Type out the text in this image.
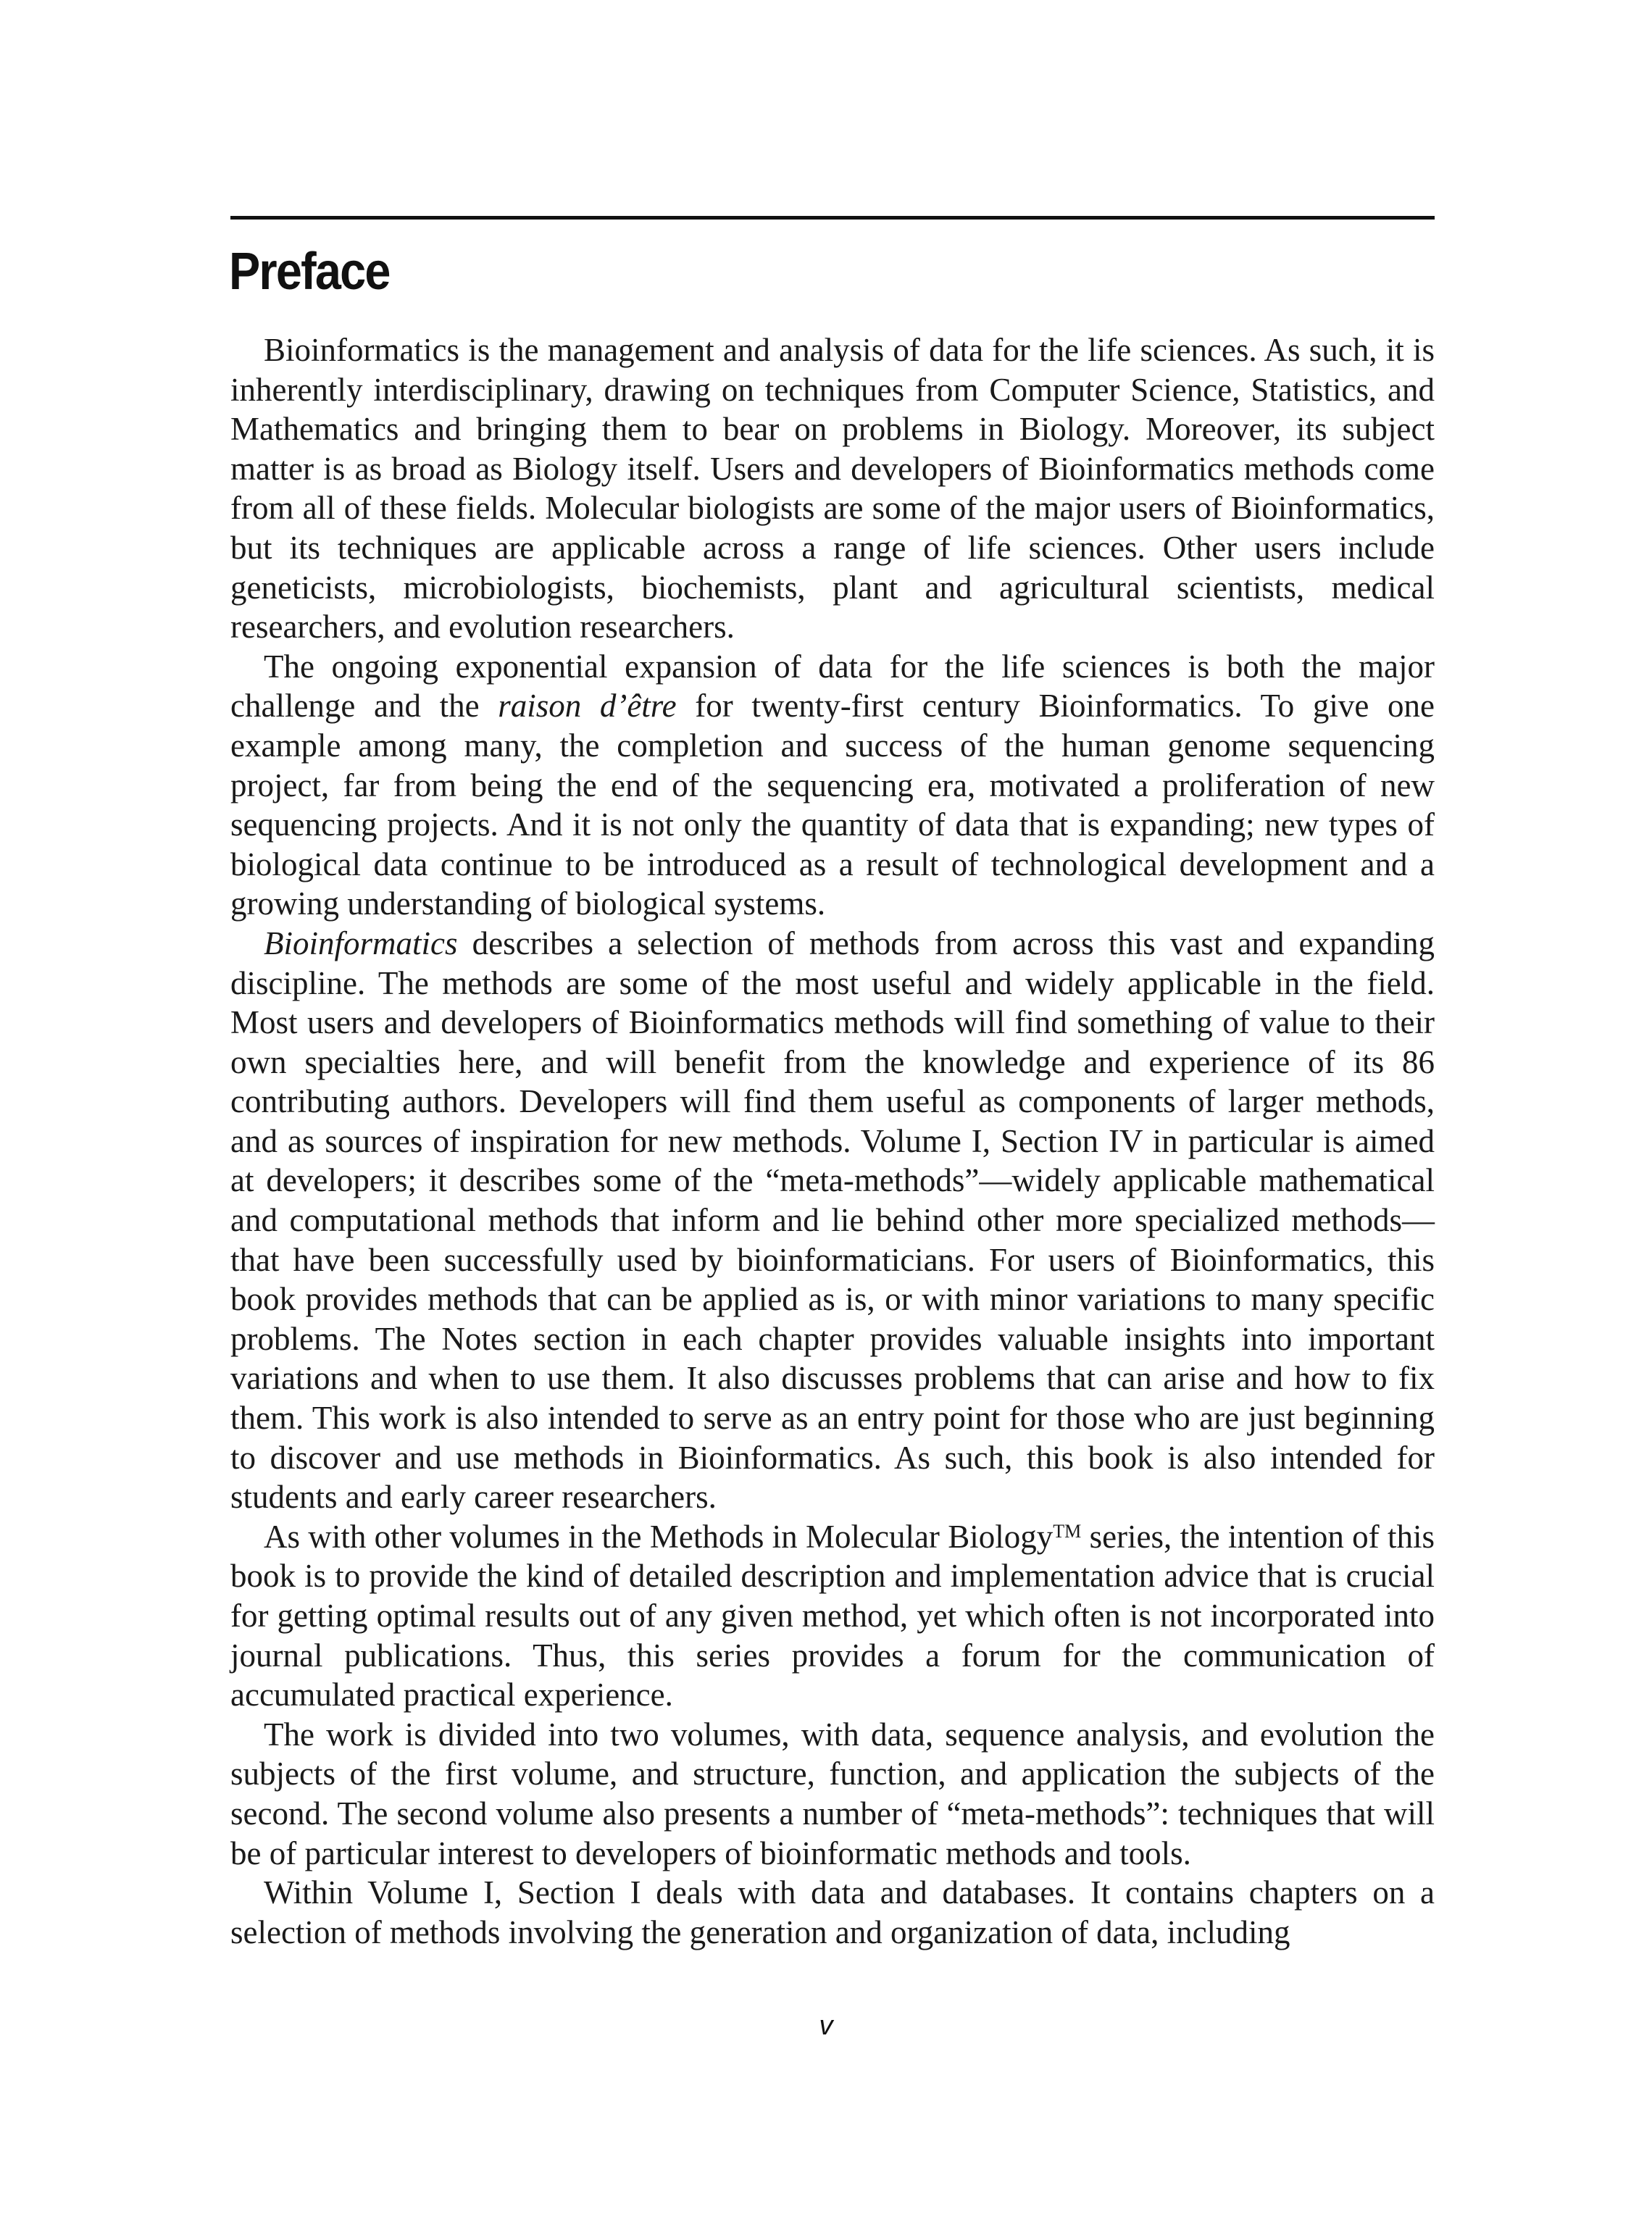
Preface

Bioinformatics is the management and analysis of data for the life sciences. As such, it is inherently interdisciplinary, drawing on techniques from Computer Science, Statistics, and Mathematics and bringing them to bear on problems in Biology. Moreover, its subject matter is as broad as Biology itself. Users and developers of Bioinformatics methods come from all of these fields. Molecular biologists are some of the major users of Bioinformatics, but its techniques are applicable across a range of life sciences. Other users include geneticists, microbiologists, biochemists, plant and agricultural scientists, medical researchers, and evolution researchers.

The ongoing exponential expansion of data for the life sciences is both the major challenge and the raison d’être for twenty-first century Bioinformatics. To give one example among many, the completion and success of the human genome sequencing project, far from being the end of the sequencing era, motivated a proliferation of new sequencing projects. And it is not only the quantity of data that is expanding; new types of biological data continue to be introduced as a result of technological development and a growing understanding of biological systems.

Bioinformatics describes a selection of methods from across this vast and expanding discipline. The methods are some of the most useful and widely applicable in the field. Most users and developers of Bioinformatics methods will find something of value to their own specialties here, and will benefit from the knowledge and experience of its 86 contributing authors. Developers will find them useful as components of larger methods, and as sources of inspiration for new methods. Volume I, Section IV in particular is aimed at developers; it describes some of the “meta-methods”—widely applicable mathematical and computational methods that inform and lie behind other more specialized methods—that have been successfully used by bioinformaticians. For users of Bioinformatics, this book provides methods that can be applied as is, or with minor variations to many specific problems. The Notes section in each chapter provides valuable insights into important variations and when to use them. It also discusses problems that can arise and how to fix them. This work is also intended to serve as an entry point for those who are just beginning to discover and use methods in Bioinformatics. As such, this book is also intended for students and early career researchers.

As with other volumes in the Methods in Molecular Biology™ series, the intention of this book is to provide the kind of detailed description and implementation advice that is crucial for getting optimal results out of any given method, yet which often is not incorporated into journal publications. Thus, this series provides a forum for the communication of accumulated practical experience.

The work is divided into two volumes, with data, sequence analysis, and evolution the subjects of the first volume, and structure, function, and application the subjects of the second. The second volume also presents a number of “meta-methods”: techniques that will be of particular interest to developers of bioinformatic methods and tools.

Within Volume I, Section I deals with data and databases. It contains chapters on a selection of methods involving the generation and organization of data, including

v
